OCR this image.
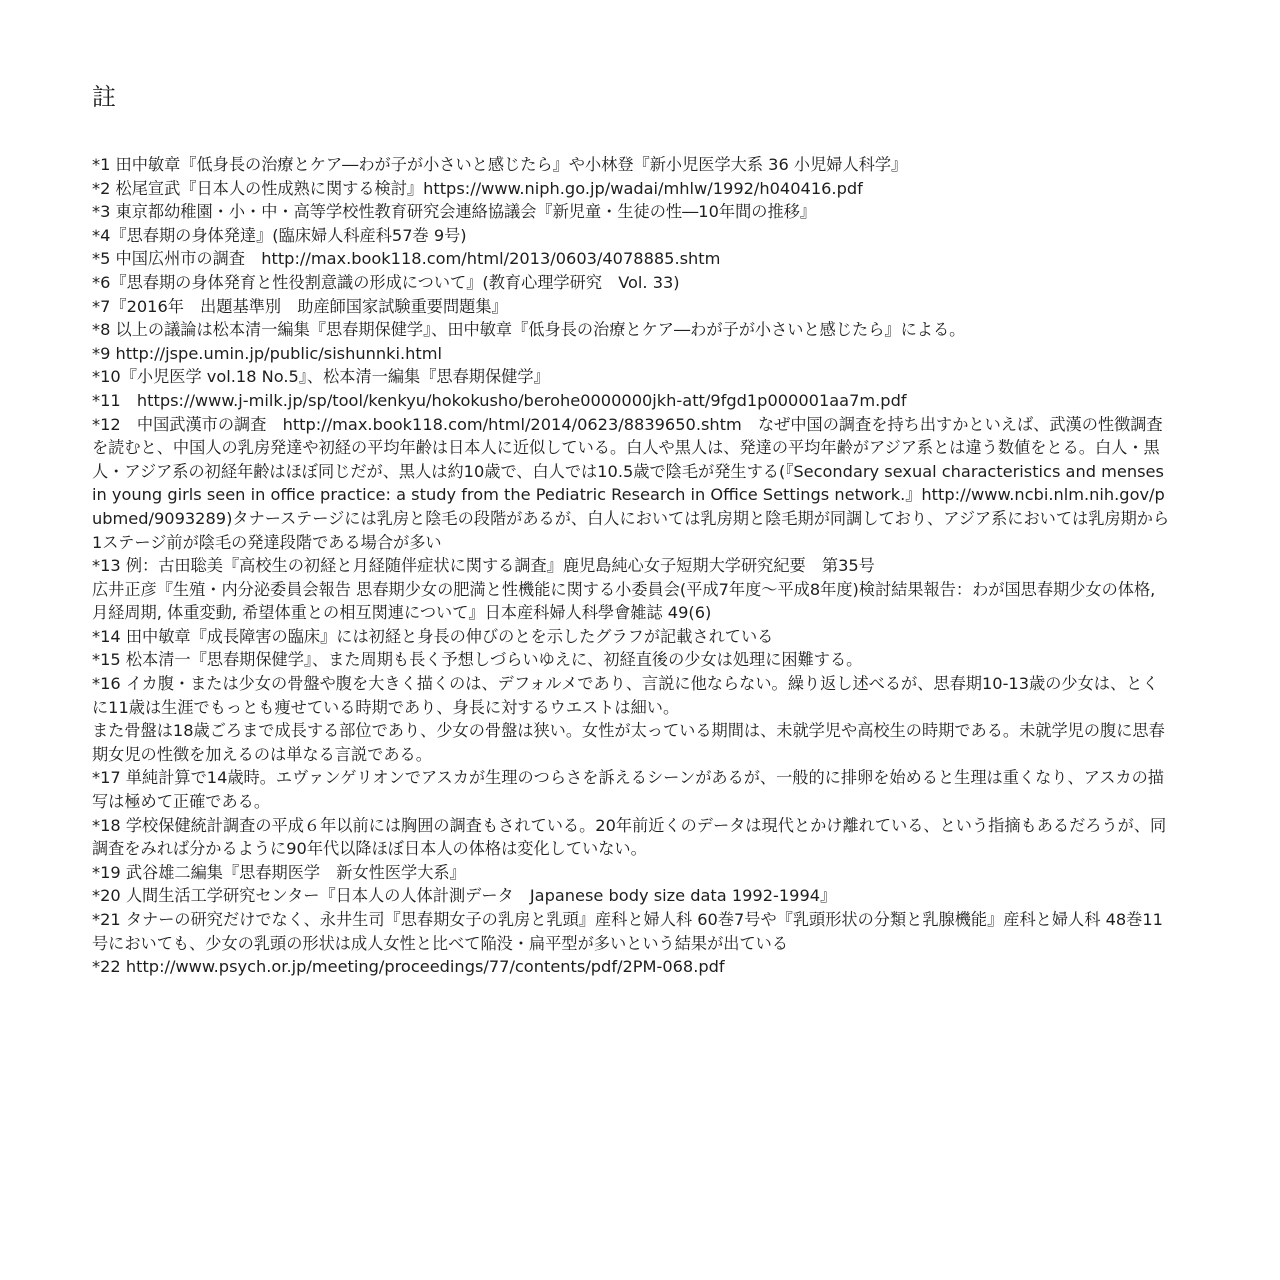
註

*1 田中敏章『低身長の治療とケア―わが子が小さいと感じたら』や小林登『新小児医学大系 36 小児婦人科学』

*2 松尾宣武『日本人の性成熟に関する検討』https://www.niph.go.jp/wadai/mhlw/1992/h040416.pdf

*3 東京都幼稚園・小・中・高等学校性教育研究会連絡協議会『新児童・生徒の性―10年間の推移』

*4『思春期の身体発達』(臨床婦人科産科57巻 9号)

*5 中国広州市の調査　http://max.book118.com/html/2013/0603/4078885.shtm

*6『思春期の身体発育と性役割意識の形成について』(教育心理学研究　Vol. 33)

*7『2016年　出題基準別　助産師国家試験重要問題集』

*8 以上の議論は松本清一編集『思春期保健学』、田中敏章『低身長の治療とケア―わが子が小さいと感じたら』による。

*9 http://jspe.umin.jp/public/sishunnki.html

*10『小児医学 vol.18 No.5』、松本清一編集『思春期保健学』

*11　https://www.j-milk.jp/sp/tool/kenkyu/hokokusho/berohe0000000jkh-att/9fgd1p000001aa7m.pdf

*12　中国武漢市の調査　http://max.book118.com/html/2014/0623/8839650.shtm　なぜ中国の調査を持ち出すかといえば、武漢の性徴調査を読むと、中国人の乳房発達や初経の平均年齢は日本人に近似している。白人や黒人は、発達の平均年齢がアジア系とは違う数値をとる。白人・黒人・アジア系の初経年齢はほぼ同じだが、黒人は約10歳で、白人では10.5歳で陰毛が発生する(『Secondary sexual characteristics and menses in young girls seen in office practice: a study from the Pediatric Research in Office Settings network.』http://www.ncbi.nlm.nih.gov/pubmed/9093289)タナーステージには乳房と陰毛の段階があるが、白人においては乳房期と陰毛期が同調しており、アジア系においては乳房期から1ステージ前が陰毛の発達段階である場合が多い

*13 例：古田聡美『高校生の初経と月経随伴症状に関する調査』鹿児島純心女子短期大学研究紀要　第35号

広井正彦『生殖・内分泌委員会報告 思春期少女の肥満と性機能に関する小委員会(平成7年度〜平成8年度)検討結果報告：わが国思春期少女の体格, 月経周期, 体重変動, 希望体重との相互関連について』日本産科婦人科學會雑誌 49(6)

*14 田中敏章『成長障害の臨床』には初経と身長の伸びのとを示したグラフが記載されている

*15 松本清一『思春期保健学』、また周期も長く予想しづらいゆえに、初経直後の少女は処理に困難する。

*16 イカ腹・または少女の骨盤や腹を大きく描くのは、デフォルメであり、言説に他ならない。繰り返し述べるが、思春期10-13歳の少女は、とくに11歳は生涯でもっとも痩せている時期であり、身長に対するウエストは細い。

また骨盤は18歳ごろまで成長する部位であり、少女の骨盤は狭い。女性が太っている期間は、未就学児や高校生の時期である。未就学児の腹に思春期女児の性徴を加えるのは単なる言説である。

*17 単純計算で14歳時。エヴァンゲリオンでアスカが生理のつらさを訴えるシーンがあるが、一般的に排卵を始めると生理は重くなり、アスカの描写は極めて正確である。

*18 学校保健統計調査の平成６年以前には胸囲の調査もされている。20年前近くのデータは現代とかけ離れている、という指摘もあるだろうが、同調査をみれば分かるように90年代以降ほぼ日本人の体格は変化していない。

*19 武谷雄二編集『思春期医学　新女性医学大系』

*20 人間生活工学研究センター『日本人の人体計測データ　Japanese body size data 1992-1994』

*21 タナーの研究だけでなく、永井生司『思春期女子の乳房と乳頭』産科と婦人科 60巻7号や『乳頭形状の分類と乳腺機能』産科と婦人科 48巻11号においても、少女の乳頭の形状は成人女性と比べて陥没・扁平型が多いという結果が出ている

*22 http://www.psych.or.jp/meeting/proceedings/77/contents/pdf/2PM-068.pdf
